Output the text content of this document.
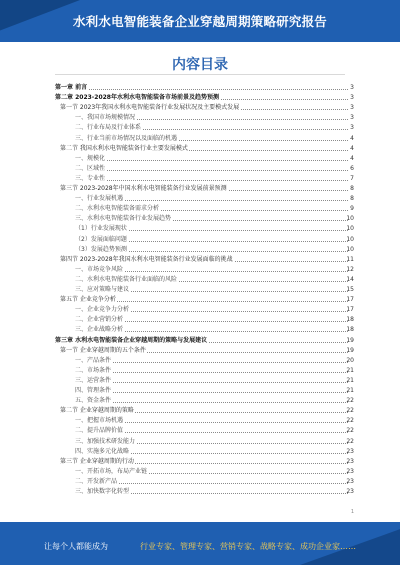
水利水电智能装备企业穿越周期策略研究报告
内容目录
第一章 前言	3
第二章 2023-2028年水利水电智能装备市场前景及趋势预测	3
第一节 2023年我国水利水电智能装备行业发展状况及主要模式发展	3
一、我国市场规模情况	3
二、行业布局及行业体系	3
三、行业当前市场情况以及面临的机遇	4
第二节 我国水利水电智能装备行业主要发展模式	4
一、规模化	4
二、区域性	6
三、专业性	7
第三节 2023-2028年中国水利水电智能装备行业发展前景预测	8
一、行业发展机遇	8
二、水利水电智能装备需求分析	9
三、水利水电智能装备行业发展趋势	10
（1）行业发展现状	10
（2）发展面临问题	10
（3）发展趋势预测	10
第四节 2023-2028年我国水利水电智能装备行业发展面临的挑战	11
一、市场竞争风险	12
二、水利水电智能装备行业面临的风险	14
三、应对策略与建议	15
第五节 企业竞争分析	17
一、企业竞争力分析	17
二、企业营销分析	18
三、企业战略分析	18
第三章 水利水电智能装备企业穿越周期的策略与发展建议	19
第一节 企业穿越周期的五个条件	19
一、产品条件	20
二、市场条件	21
三、运营条件	21
四、管理条件	21
五、资金条件	22
第二节 企业穿越周期的策略	22
一、把握市场机遇	22
二、提升品牌价值	22
三、加强技术研发能力	22
四、实施多元化战略	23
第三节 企业穿越周期的行动	23
一、开拓市场，布局产业链	23
二、开发新产品	23
三、加快数字化转型	23
1
让每个人都能成为	行业专家、管理专家、营销专家、战略专家、成功企业家……
